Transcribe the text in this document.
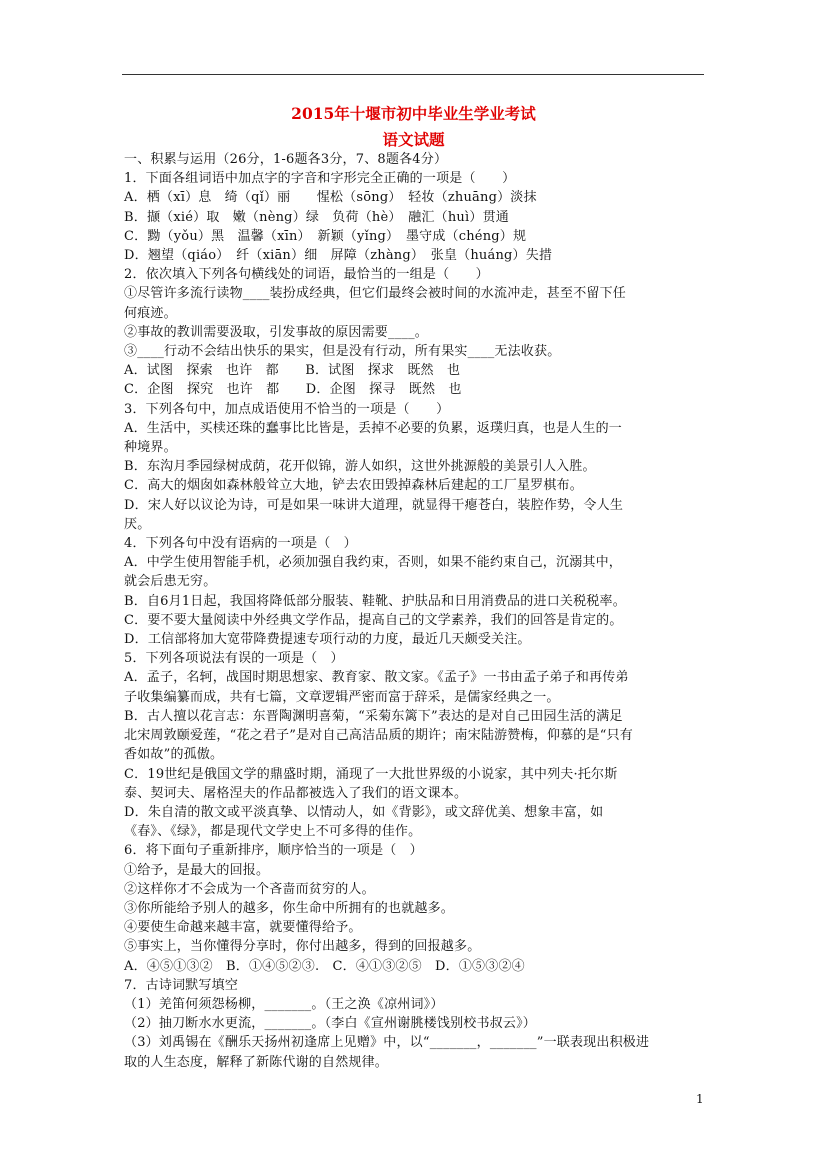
2015年十堰市初中毕业生学业考试
语文试题

一、积累与运用（26分，1-6题各3分，7、8题各4分）

1．下面各组词语中加点字的字音和字形完全正确的一项是（　　）

A．栖（xī）息　绮（qǐ）丽　　惺松（sōng）　轻妆（zhuāng）淡抹

B．撷（xié）取　嫩（nèng）绿　负荷（hè）　融汇（huì）贯通

C．黝（yǒu）黑　温馨（xīn）　新颖（yǐng）　墨守成（chéng）规

D．翘望（qiáo）　纤（xiān）细　屏障（zhàng）　张皇（huáng）失措

2．依次填入下列各句横线处的词语，最恰当的一组是（　　）

①尽管许多流行读物____装扮成经典，但它们最终会被时间的水流冲走，甚至不留下任

何痕迹。

②事故的教训需要汲取，引发事故的原因需要____。

③____行动不会结出快乐的果实，但是没有行动，所有果实____无法收获。

A．试图　探索　也许　都　　B．试图　探求　既然　也

C．企图　探究　也许　都　　D．企图　探寻　既然　也

3．下列各句中，加点成语使用不恰当的一项是（　　）

A．生活中，买椟还珠的蠢事比比皆是，丢掉不必要的负累，返璞归真，也是人生的一

种境界。

B．东沟月季园绿树成荫，花开似锦，游人如织，这世外挑源般的美景引人入胜。

C．高大的烟囱如森林般耸立大地，铲去农田毁掉森林后建起的工厂星罗棋布。

D．宋人好以议论为诗，可是如果一味讲大道理，就显得干瘪苍白，装腔作势，令人生

厌。

4．下列各句中没有语病的一项是（　）

A．中学生使用智能手机，必须加强自我约束，否则，如果不能约束自己，沉溺其中，

就会后患无穷。

B．自6月1日起，我国将降低部分服装、鞋靴、护肤品和日用消费品的进口关税税率。

C．要不要大量阅读中外经典文学作品，提高自己的文学素养，我们的回答是肯定的。

D．工信部将加大宽带降费提速专项行动的力度，最近几天颇受关注。

5．下列各项说法有误的一项是（　）

A．孟子，名轲，战国时期思想家、教育家、散文家。《孟子》一书由孟子弟子和再传弟

子收集编纂而成，共有七篇，文章逻辑严密而富于辞采，是儒家经典之一。

B．古人擅以花言志：东晋陶渊明喜菊，“采菊东篱下”表达的是对自己田园生活的满足

北宋周敦颐爱莲，“花之君子”是对自己高洁品质的期许；南宋陆游赞梅，仰慕的是“只有

香如故”的孤傲。

C．19世纪是俄国文学的鼎盛时期，涌现了一大批世界级的小说家，其中列夫·托尔斯

泰、契诃夫、屠格涅夫的作品都被选入了我们的语文课本。

D．朱自清的散文或平淡真挚、以情动人，如《背影》，或文辞优美、想象丰富，如

《春》、《绿》，都是现代文学史上不可多得的佳作。

6．将下面句子重新排序，顺序恰当的一项是（　）

①给予，是最大的回报。

②这样你才不会成为一个吝啬而贫穷的人。

③你所能给予别人的越多，你生命中所拥有的也就越多。

④要使生命越来越丰富，就要懂得给予。

⑤事实上，当你懂得分享时，你付出越多，得到的回报越多。

A．④⑤①③②　B．①④⑤②③.　C．④①③②⑤　D．①⑤③②④

7．古诗词默写填空

（1）羌笛何须怨杨柳，_______。（王之涣《凉州词》）

（2）抽刀断水水更流，_______。（李白《宣州谢朓楼饯别校书叔云》）

（3）刘禹锡在《酬乐天扬州初逢席上见赠》中，以“_______，_______”一联表现出积极进

取的人生态度，解释了新陈代谢的自然规律。

1
